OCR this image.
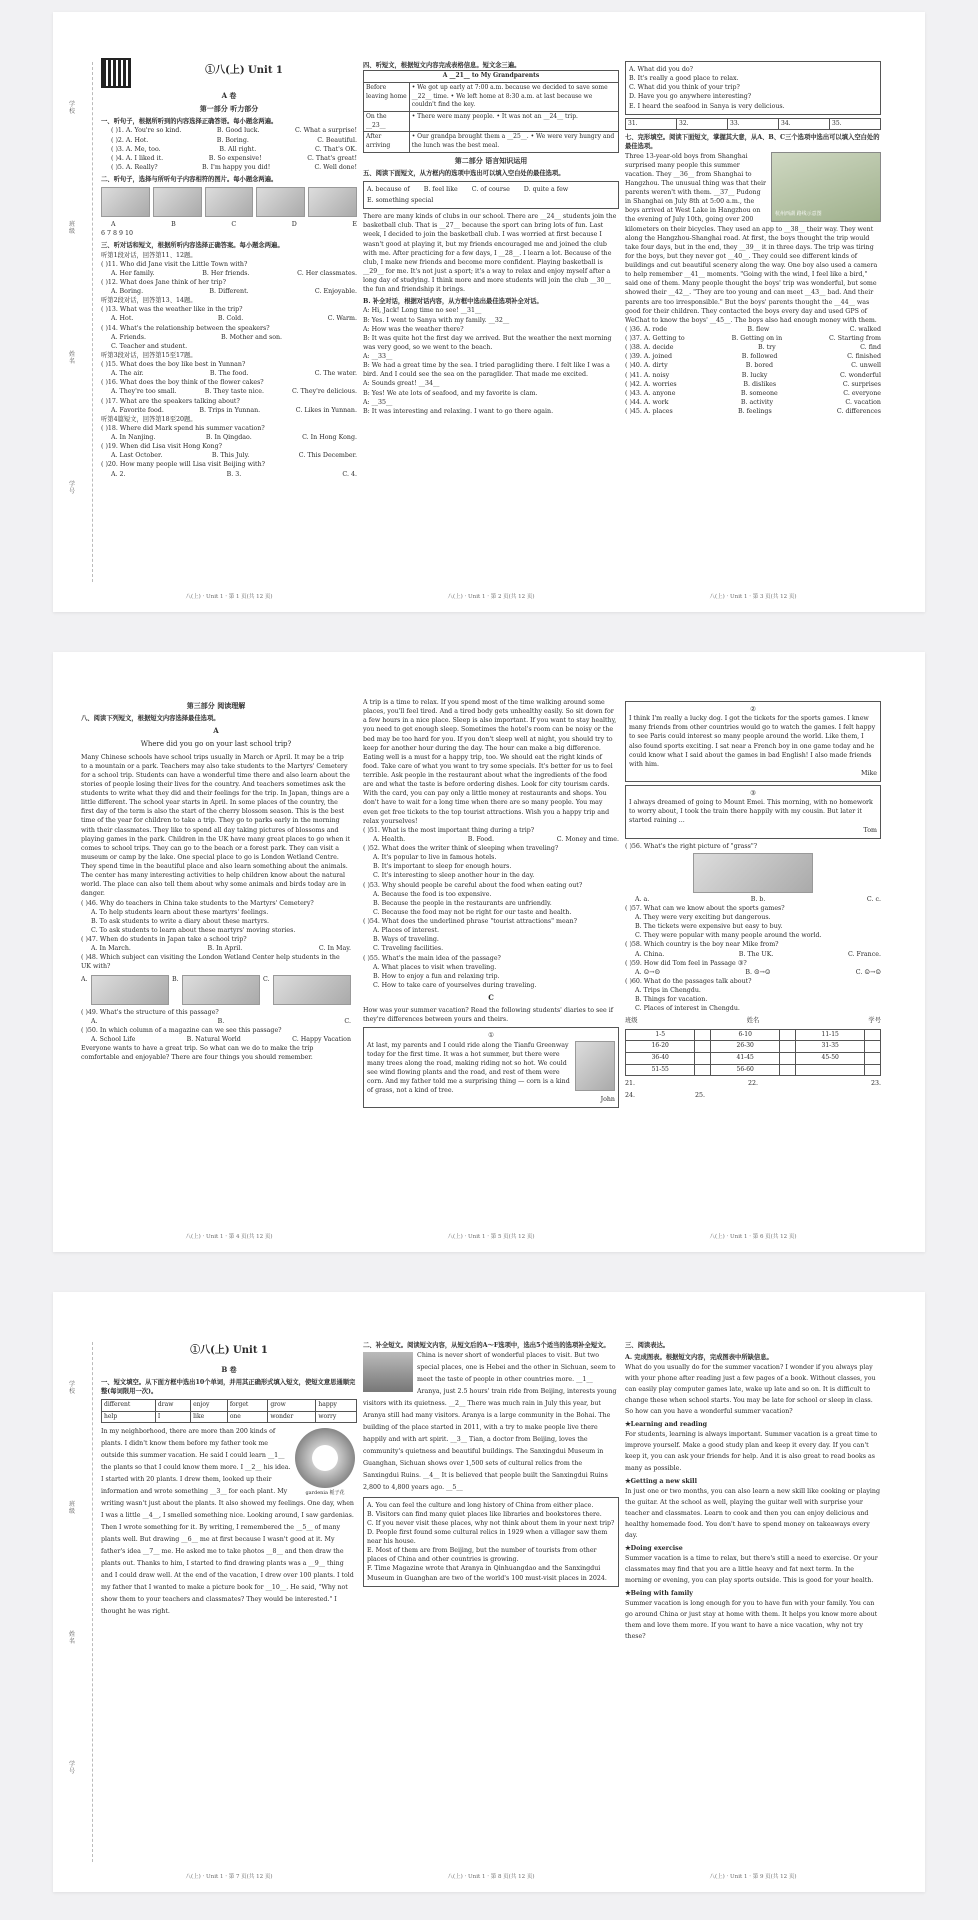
学校
班级
姓名
学号
①八(上) Unit 1
A 卷
第一部分 听力部分

一、听句子，根据所听到的内容选择正确答语。每小题念两遍。

( )1. A. You're so kind.	B. Good luck.	C. What a surprise!
( )2. A. Hot.	B. Boring.	C. Beautiful.
( )3. A. Me, too.	B. All right.	C. That's OK.
( )4. A. I liked it.	B. So expensive!	C. That's great!
( )5. A. Really?	B. I'm happy you did!	C. Well done!

二、听句子，选择与所听句子内容相符的图片。每小题念两遍。

A	B	C	D	E

6 7 8 9 10

三、听对话和短文，根据所听内容选择正确答案。每小题念两遍。

听第1段对话，回答第11、12题。

( )11. Who did Jane visit the Little Town with?

A. Her family.	B. Her friends.	C. Her classmates.

( )12. What does Jane think of her trip?

A. Boring.	B. Different.	C. Enjoyable.

听第2段对话，回答第13、14题。

( )13. What was the weather like in the trip?

A. Hot.	B. Cold.	C. Warm.

( )14. What's the relationship between the speakers?

A. Friends.	B. Mother and son.

C. Teacher and student.

听第3段对话，回答第15至17题。

( )15. What does the boy like best in Yunnan?

A. The air.	B. The food.	C. The water.

( )16. What does the boy think of the flower cakes?

A. They're too small.	B. They taste nice.	C. They're delicious.

( )17. What are the speakers talking about?

A. Favorite food.	B. Trips in Yunnan.	C. Likes in Yunnan.

听第4篇短文，回答第18至20题。

( )18. Where did Mark spend his summer vacation?

A. In Nanjing.	B. In Qingdao.	C. In Hong Kong.

( )19. When did Lisa visit Hong Kong?

A. Last October.	B. This July.	C. This December.

( )20. How many people will Lisa visit Beijing with?

A. 2.	B. 3.	C. 4.
八(上) · Unit 1 · 第 1 页(共 12 页)

四、听短文，根据短文内容完成表格信息。短文念三遍。

A __21__ to My Grandparents	
Before leaving home	• We got up early at 7:00 a.m. because we decided to save some __22__ time. • We left home at 8:30 a.m. at last because we couldn't find the key.
On the __23__	• There were many people. • It was not an __24__ trip.
After arriving	• Our grandpa brought them a __25__. • We were very hungry and the lunch was the best meal.
第二部分 语言知识运用

五、阅读下面短文，从方框内的选项中选出可以填入空白处的最佳选项。

A. because of B. feel like C. of course D. quite a few
E. something special

There are many kinds of clubs in our school. There are __24__ students join the basketball club. That is __27__ because the sport can bring lots of fun. Last week, I decided to join the basketball club. I was worried at first because I wasn't good at playing it, but my friends encouraged me and joined the club with me. After practicing for a few days, I __28__. I learn a lot. Because of the club, I make new friends and become more confident. Playing basketball is __29__ for me. It's not just a sport; it's a way to relax and enjoy myself after a long day of studying. I think more and more students will join the club __30__ the fun and friendship it brings.

B. 补全对话，根据对话内容，从方框中选出最佳选项补全对话。

A: Hi, Jack! Long time no see! __31__

B: Yes. I went to Sanya with my family. __32__

A: How was the weather there?

B: It was quite hot the first day we arrived. But the weather the next morning was very good, so we went to the beach.

A: __33__

B: We had a great time by the sea. I tried paragliding there. I felt like I was a bird. And I could see the sea on the paraglider. That made me excited.

A: Sounds great! __34__

B: Yes! We ate lots of seafood, and my favorite is clam.

A: __35__

B: It was interesting and relaxing. I want to go there again.

八(上) · Unit 1 · 第 2 页(共 12 页)

A. What did you do?

B. It's really a good place to relax.

C. What did you think of your trip?

D. Have you go anywhere interesting?

E. I heard the seafood in Sanya is very delicious.

31.	32.	33.	34.	35.

七、完形填空。阅读下面短文，掌握其大意，从A、B、C三个选项中选出可以填入空白处的最佳选项。

杭州西湖 路线示意图

Three 13-year-old boys from Shanghai surprised many people this summer vacation. They __36__ from Shanghai to Hangzhou. The unusual thing was that their parents weren't with them. __37__ Pudong in Shanghai on July 8th at 5:00 a.m., the boys arrived at West Lake in Hangzhou on the evening of July 10th, going over 200 kilometers on their bicycles. They used an app to __38__ their way. They went along the Hangzhou-Shanghai road. At first, the boys thought the trip would take four days, but in the end, they __39__ it in three days. The trip was tiring for the boys, but they never got __40__. They could see different kinds of buildings and cut beautiful scenery along the way. One boy also used a camera to help remember __41__ moments. "Going with the wind, I feel like a bird," said one of them. Many people thought the boys' trip was wonderful, but some showed their __42__. "They are too young and can meet __43__ bad. And their parents are too irresponsible." But the boys' parents thought the __44__ was good for their children. They contacted the boys every day and used GPS of WeChat to know the boys' __45__. The boys also had enough money with them.

( )36. A. rode	B. flew	C. walked
( )37. A. Getting to	B. Getting on in	C. Starting from
( )38. A. decide	B. try	C. find
( )39. A. joined	B. followed	C. finished
( )40. A. dirty	B. bored	C. unwell
( )41. A. noisy	B. lucky	C. wonderful
( )42. A. worries	B. dislikes	C. surprises
( )43. A. anyone	B. someone	C. everyone
( )44. A. work	B. activity	C. vacation
( )45. A. places	B. feelings	C. differences
八(上) · Unit 1 · 第 3 页(共 12 页)
第三部分 阅读理解

八、阅读下列短文，根据短文内容选择最佳选项。

A
Where did you go on your last school trip?

Many Chinese schools have school trips usually in March or April. It may be a trip to a mountain or a park. Teachers may also take students to the Martyrs' Cemetery for a school trip. Students can have a wonderful time there and also learn about the stories of people losing their lives for the country. And teachers sometimes ask the students to write what they did and their feelings for the trip. In Japan, things are a little different. The school year starts in April. In some places of the country, the first day of the term is also the start of the cherry blossom season. This is the best time of the year for children to take a trip. They go to parks early in the morning with their classmates. They like to spend all day taking pictures of blossoms and playing games in the park. Children in the UK have many great places to go when it comes to school trips. They can go to the beach or a forest park. They can visit a museum or camp by the lake. One special place to go is London Wetland Centre. They spend time in the beautiful place and also learn something about the animals. The center has many interesting activities to help children know about the natural world. The place can also tell them about why some animals and birds today are in danger.

( )46. Why do teachers in China take students to the Martyrs' Cemetery?

A. To help students learn about these martyrs' feelings.

B. To ask students to write a diary about these martyrs.

C. To ask students to learn about these martyrs' moving stories.

( )47. When do students in Japan take a school trip?

A. In March.	B. In April.	C. In May.

( )48. Which subject can visiting the London Wetland Center help students in the UK with?

A.	B.	C.

( )49. What's the structure of this passage?

A.	B.	C.

( )50. In which column of a magazine can we see this passage?

A. School Life	B. Natural World	C. Happy Vacation

Everyone wants to have a great trip. So what can we do to make the trip comfortable and enjoyable? There are four things you should remember.

八(上) · Unit 1 · 第 4 页(共 12 页)

A trip is a time to relax. If you spend most of the time walking around some places, you'll feel tired. And a tired body gets unhealthy easily. So sit down for a few hours in a nice place. Sleep is also important. If you want to stay healthy, you need to get enough sleep. Sometimes the hotel's room can be noisy or the bed may be too hard for you. If you don't sleep well at night, you should try to keep for another hour during the day. The hour can make a big difference. Eating well is a must for a happy trip, too. We should eat the right kinds of food. Take care of what you want to try some specials. It's better for us to feel terrible. Ask people in the restaurant about what the ingredients of the food are and what the taste is before ordering dishes. Look for city tourism cards. With the card, you can pay only a little money at restaurants and shops. You don't have to wait for a long time when there are so many people. You may even get free tickets to the top tourist attractions. Wish you a happy trip and relax yourselves!

( )51. What is the most important thing during a trip?

A. Health.	B. Food.	C. Money and time.

( )52. What does the writer think of sleeping when traveling?

A. It's popular to live in famous hotels.

B. It's important to sleep for enough hours.

C. It's interesting to sleep another hour in the day.

( )53. Why should people be careful about the food when eating out?

A. Because the food is too expensive.

B. Because the people in the restaurants are unfriendly.

C. Because the food may not be right for our taste and health.

( )54. What does the underlined phrase "tourist attractions" mean?

A. Places of interest.

B. Ways of traveling.

C. Traveling facilities.

( )55. What's the main idea of the passage?

A. What places to visit when traveling.

B. How to enjoy a fun and relaxing trip.

C. How to take care of yourselves during traveling.

C

How was your summer vacation? Read the following students' diaries to see if they're differences between yours and theirs.

①

At last, my parents and I could ride along the Tianfu Greenway today for the first time. It was a hot summer, but there were many trees along the road, making riding not so hot. We could see wind flowing plants and the road, and rest of them were corn. And my father told me a surprising thing — corn is a kind of grass, not a kind of tree.

John

八(上) · Unit 1 · 第 5 页(共 12 页)
②

I think I'm really a lucky dog. I got the tickets for the sports games. I knew many friends from other countries would go to watch the games. I felt happy to see Paris could interest so many people around the world. Like them, I also found sports exciting. I sat near a French boy in one game today and he could know what I said about the games in bad English! I also made friends with him.

Mike

③

I always dreamed of going to Mount Emei. This morning, with no homework to worry about, I took the train there happily with my cousin. But later it started raining ...

Tom

( )56. What's the right picture of "grass"?

A. a.	B. b.	C. c.

( )57. What can we know about the sports games?

A. They were very exciting but dangerous.

B. The tickets were expensive but easy to buy.

C. They were popular with many people around the world.

( )58. Which country is the boy near Mike from?

A. China.	B. The UK.	C. France.

( )59. How did Tom feel in Passage ③?

A. ☺→☹	B. ☹→☺	C. ☺→☺

( )60. What do the passages talk about?

A. Trips in Chengdu.

B. Things for vacation.

C. Places of interest in Chengdu.

班级	姓名	学号
1-5		6-10		11-15	
16-20		26-30		31-35	
36-40		41-45		45-50	
51-55		56-60			
21.	22.	23.
24.	25.
八(上) · Unit 1 · 第 6 页(共 12 页)
学校
班级
姓名
学号
①八(上) Unit 1
B 卷

一、短文填空。从下面方框中选出10个单词，并用其正确形式填入短文，使短文意思通顺完整(每词限用一次)。

different	draw	enjoy	forget	grow	happy
help	I	like	one	wonder	worry
gardenia 栀子花

In my neighborhood, there are more than 200 kinds of plants. I didn't know them before my father took me outside this summer vacation. He said I could learn __1__ the plants so that I could know them more. I __2__ his idea. I started with 20 plants. I drew them, looked up their information and wrote something __3__ for each plant. My writing wasn't just about the plants. It also showed my feelings. One day, when I was a little __4__, I smelled something nice. Looking around, I saw gardenias. Then I wrote something for it. By writing, I remembered the __5__ of many plants well. But drawing __6__ me at first because I wasn't good at it. My father's idea __7__ me. He asked me to take photos __8__ and then draw the plants out. Thanks to him, I started to find drawing plants was a __9__ thing and I could draw well. At the end of the vacation, I drew over 100 plants. I told my father that I wanted to make a picture book for __10__. He said, "Why not show them to your teachers and classmates? They would be interested." I thought he was right.

八(上) · Unit 1 · 第 7 页(共 12 页)

二、补全短文。阅读短文内容，从短文后的A～F选项中，选出5个适当的选项补全短文。

China is never short of wonderful places to visit. But two special places, one is Hebei and the other in Sichuan, seem to meet the taste of people in other countries more. __1__ Aranya, just 2.5 hours' train ride from Beijing, interests young visitors with its quietness. __2__ There was much rain in July this year, but Aranya still had many visitors. Aranya is a large community in the Bohai. The building of the place started in 2011, with a try to make people live there happily and with art spirit. __3__ Tian, a doctor from Beijing, loves the community's quietness and beautiful buildings. The Sanxingdui Museum in Guanghan, Sichuan shows over 1,500 sets of cultural relics from the Sanxingdui Ruins. __4__ It is believed that people built the Sanxingdui Ruins 2,800 to 4,800 years ago. __5__

A. You can feel the culture and long history of China from either place.

B. Visitors can find many quiet places like libraries and bookstores there.

C. If you never visit these places, why not think about them in your next trip?

D. People first found some cultural relics in 1929 when a villager saw them near his house.

E. Most of them are from Beijing, but the number of tourists from other places of China and other countries is growing.

F. Time Magazine wrote that Aranya in Qinhuangdao and the Sanxingdui Museum in Guanghan are two of the world's 100 must-visit places in 2024.

八(上) · Unit 1 · 第 8 页(共 12 页)

三、阅读表达。

A. 完成图表。根据短文内容，完成图表中所缺信息。

What do you usually do for the summer vacation? I wonder if you always play with your phone after reading just a few pages of a book. Without classes, you can easily play computer games late, wake up late and so on. It is difficult to change these when school starts. You may be late for school or sleep in class. So how can you have a wonderful summer vacation?

★Learning and reading

For students, learning is always important. Summer vacation is a great time to improve yourself. Make a good study plan and keep it every day. If you can't keep it, you can ask your friends for help. And it is also great to read books as many as possible.

★Getting a new skill

In just one or two months, you can also learn a new skill like cooking or playing the guitar. At the school as well, playing the guitar well with surprise your teacher and classmates. Learn to cook and then you can enjoy delicious and healthy homemade food. You don't have to spend money on takeaways every day.

★Doing exercise

Summer vacation is a time to relax, but there's still a need to exercise. Or your classmates may find that you are a little heavy and fat next term. In the morning or evening, you can play sports outside. This is good for your health.

★Being with family

Summer vacation is long enough for you to have fun with your family. You can go around China or just stay at home with them. It helps you know more about them and love them more. If you want to have a nice vacation, why not try these?

八(上) · Unit 1 · 第 9 页(共 12 页)
